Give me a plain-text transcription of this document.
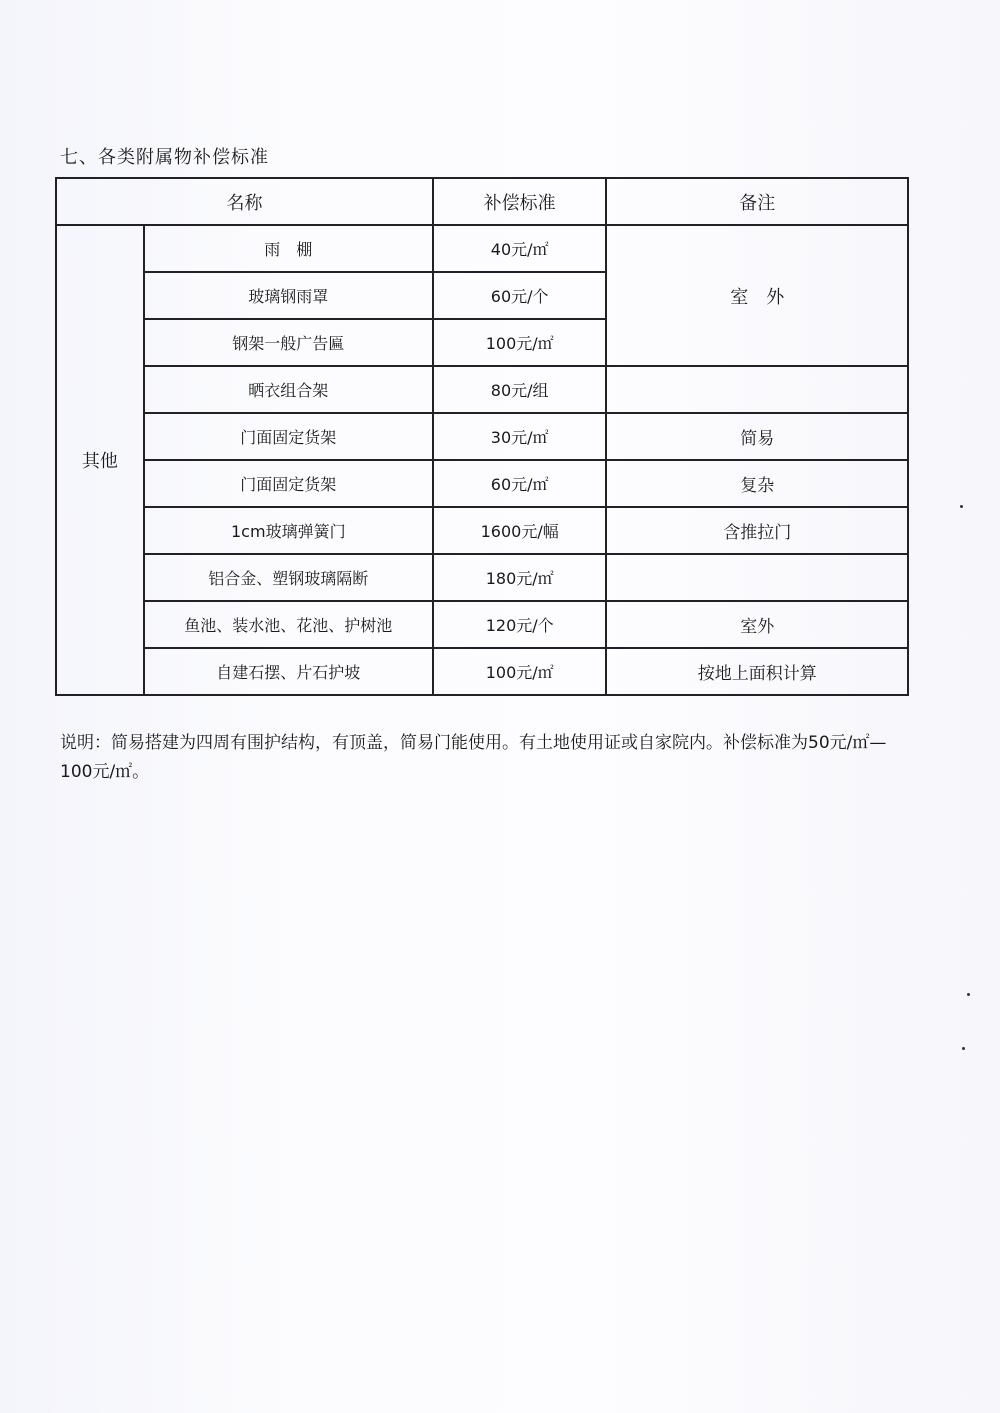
七、各类附属物补偿标准
名称		补偿标准	备注
其他	雨　棚	40元/㎡	室外
	玻璃钢雨罩	60元/个	
	钢架一般广告匾	100元/㎡	
	晒衣组合架	80元/组	
	门面固定货架	30元/㎡	简易
	门面固定货架	60元/㎡	复杂
	1cm玻璃弹簧门	1600元/幅	含推拉门
	铝合金、塑钢玻璃隔断	180元/㎡	
	鱼池、装水池、花池、护树池	120元/个	室外
	自建石摆、片石护坡	100元/㎡	按地上面积计算
说明：简易搭建为四周有围护结构，有顶盖，简易门能使用。有土地使用证或自家院内。补偿标准为50元/㎡—100元/㎡。
